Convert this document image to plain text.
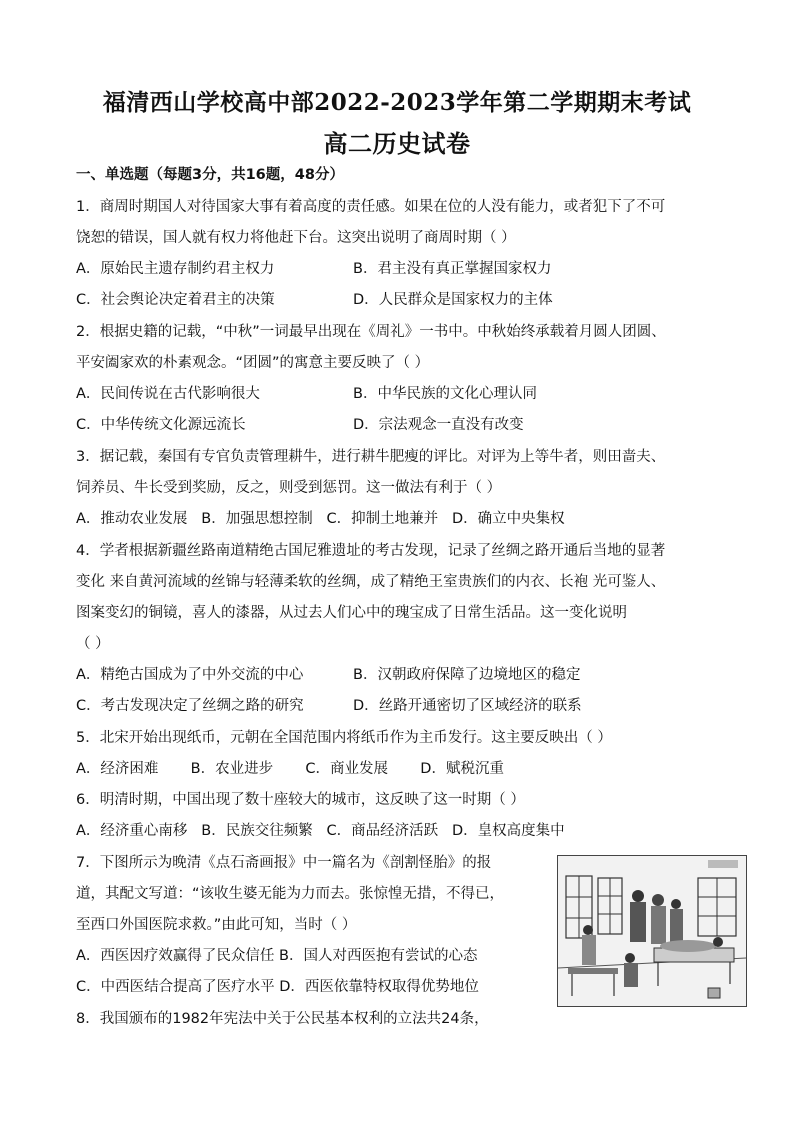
福清西山学校高中部2022-2023学年第二学期期末考试
高二历史试卷
一、单选题（每题3分，共16题，48分）
1．商周时期国人对待国家大事有着高度的责任感。如果在位的人没有能力，或者犯下了不可
饶恕的错误，国人就有权力将他赶下台。这突出说明了商周时期（ ）
A．原始民主遗存制约君主权力	B．君主没有真正掌握国家权力
C．社会舆论决定着君主的决策	D．人民群众是国家权力的主体
2．根据史籍的记载，“中秋”一词最早出现在《周礼》一书中。中秋始终承载着月圆人团圆、
平安阖家欢的朴素观念。“团圆”的寓意主要反映了（ ）
A．民间传说在古代影响很大	B．中华民族的文化心理认同
C．中华传统文化源远流长	D．宗法观念一直没有改变
3．据记载，秦国有专官负责管理耕牛，进行耕牛肥瘦的评比。对评为上等牛者，则田啬夫、
饲养员、牛长受到奖励，反之，则受到惩罚。这一做法有利于（ ）
A．推动农业发展   B．加强思想控制   C．抑制土地兼并   D．确立中央集权
4．学者根据新疆丝路南道精绝古国尼雅遗址的考古发现，记录了丝绸之路开通后当地的显著
变化 来自黄河流域的丝锦与轻薄柔软的丝绸，成了精绝王室贵族们的内衣、长袍 光可鉴人、
图案变幻的铜镜，喜人的漆器，从过去人们心中的瑰宝成了日常生活品。这一变化说明
（ ）
A．精绝古国成为了中外交流的中心	B．汉朝政府保障了边境地区的稳定
C．考古发现决定了丝绸之路的研究	D．丝路开通密切了区域经济的联系
5．北宋开始出现纸币，元朝在全国范围内将纸币作为主币发行。这主要反映出（ ）
A．经济困难       B．农业进步       C．商业发展       D．赋税沉重
6．明清时期，中国出现了数十座较大的城市，这反映了这一时期（ ）
A．经济重心南移   B．民族交往频繁   C．商品经济活跃   D．皇权高度集中
7．下图所示为晚清《点石斋画报》中一篇名为《剖割怪胎》的报
道，其配文写道：“该收生婆无能为力而去。张惊惶无措，不得已，
至西口外国医院求救。”由此可知，当时（ ）
A．西医因疗效赢得了民众信任 B．国人对西医抱有尝试的心态
C．中西医结合提高了医疗水平 D．西医依靠特权取得优势地位
8．我国颁布的1982年宪法中关于公民基本权利的立法共24条，
